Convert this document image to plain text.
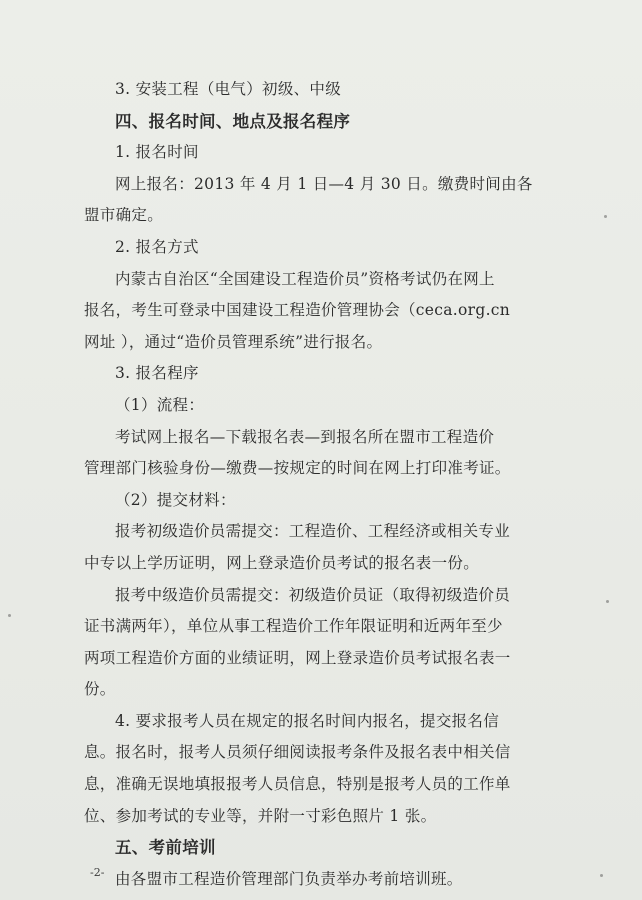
3. 安装工程（电气）初级、中级

四、报名时间、地点及报名程序

1. 报名时间

网上报名：2013 年 4 月 1 日—4 月 30 日。缴费时间由各

盟市确定。

2. 报名方式

内蒙古自治区“全国建设工程造价员”资格考试仍在网上

报名，考生可登录中国建设工程造价管理协会（ceca.org.cn

网址 ），通过“造价员管理系统”进行报名。

3. 报名程序

（1）流程：

考试网上报名—下载报名表—到报名所在盟市工程造价

管理部门核验身份—缴费—按规定的时间在网上打印准考证。

（2）提交材料：

报考初级造价员需提交：工程造价、工程经济或相关专业

中专以上学历证明，网上登录造价员考试的报名表一份。

报考中级造价员需提交：初级造价员证（取得初级造价员

证书满两年），单位从事工程造价工作年限证明和近两年至少

两项工程造价方面的业绩证明，网上登录造价员考试报名表一

份。

4. 要求报考人员在规定的报名时间内报名，提交报名信

息。报名时，报考人员须仔细阅读报考条件及报名表中相关信

息，准确无误地填报报考人员信息，特别是报考人员的工作单

位、参加考试的专业等，并附一寸彩色照片 1 张。

五、考前培训

由各盟市工程造价管理部门负责举办考前培训班。

-2-
